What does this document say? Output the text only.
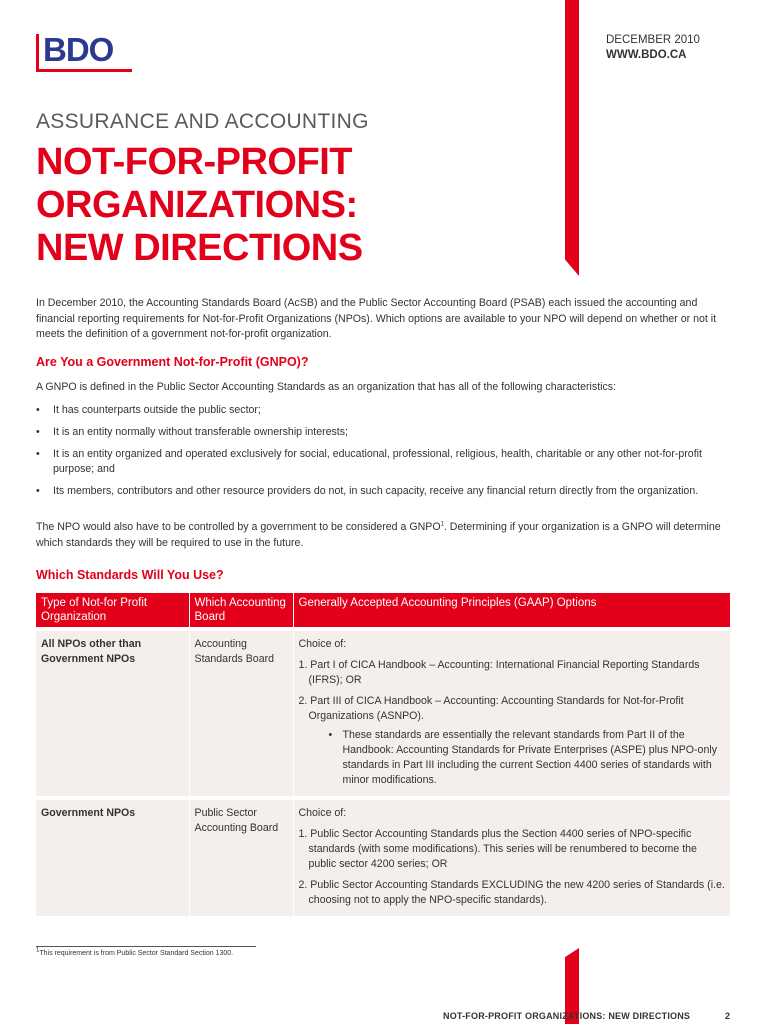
BDO	DECEMBER 2010
WWW.BDO.CA
ASSURANCE AND ACCOUNTING
NOT-FOR-PROFIT
ORGANIZATIONS:
NEW DIRECTIONS

In December 2010, the Accounting Standards Board (AcSB) and the Public Sector Accounting Board (PSAB) each issued the accounting and financial reporting requirements for Not-for-Profit Organizations (NPOs). Which options are available to your NPO will depend on whether or not it meets the definition of a government not-for-profit organization.

Are You a Government Not-for-Profit (GNPO)?

A GNPO is defined in the Public Sector Accounting Standards as an organization that has all of the following characteristics:

• It has counterparts outside the public sector;
• It is an entity normally without transferable ownership interests;
• It is an entity organized and operated exclusively for social, educational, professional, religious, health, charitable or any other not-for-profit purpose; and
• Its members, contributors and other resource providers do not, in such capacity, receive any financial return directly from the organization.

The NPO would also have to be controlled by a government to be considered a GNPO$^1$. Determining if your organization is a GNPO will determine which standards they will be required to use in the future.

Which Standards Will You Use?
Type of Not-for Profit Organization	Which Accounting Board	Generally Accepted Accounting Principles (GAAP) Options
All NPOs other than Government NPOs	Accounting Standards Board	Choice of:
1. Part I of CICA Handbook – Accounting: International Financial Reporting Standards (IFRS); OR
2. Part III of CICA Handbook – Accounting: Accounting Standards for Not-for-Profit Organizations (ASNPO).
• These standards are essentially the relevant standards from Part II of the Handbook: Accounting Standards for Private Enterprises (ASPE) plus NPO-only standards in Part III including the current Section 4400 series of standards with minor modifications.

Government NPOs	Public Sector Accounting Board	Choice of:
1. Public Sector Accounting Standards plus the Section 4400 series of NPO-specific standards (with some modifications). This series will be renumbered to become the public sector 4200 series; OR
2. Public Sector Accounting Standards EXCLUDING the new 4200 series of Standards (i.e. choosing not to apply the NPO-specific standards).
$^1$This requirement is from Public Sector Standard Section 1300.
NOT-FOR-PROFIT ORGANIZATIONS: NEW DIRECTIONS	2
